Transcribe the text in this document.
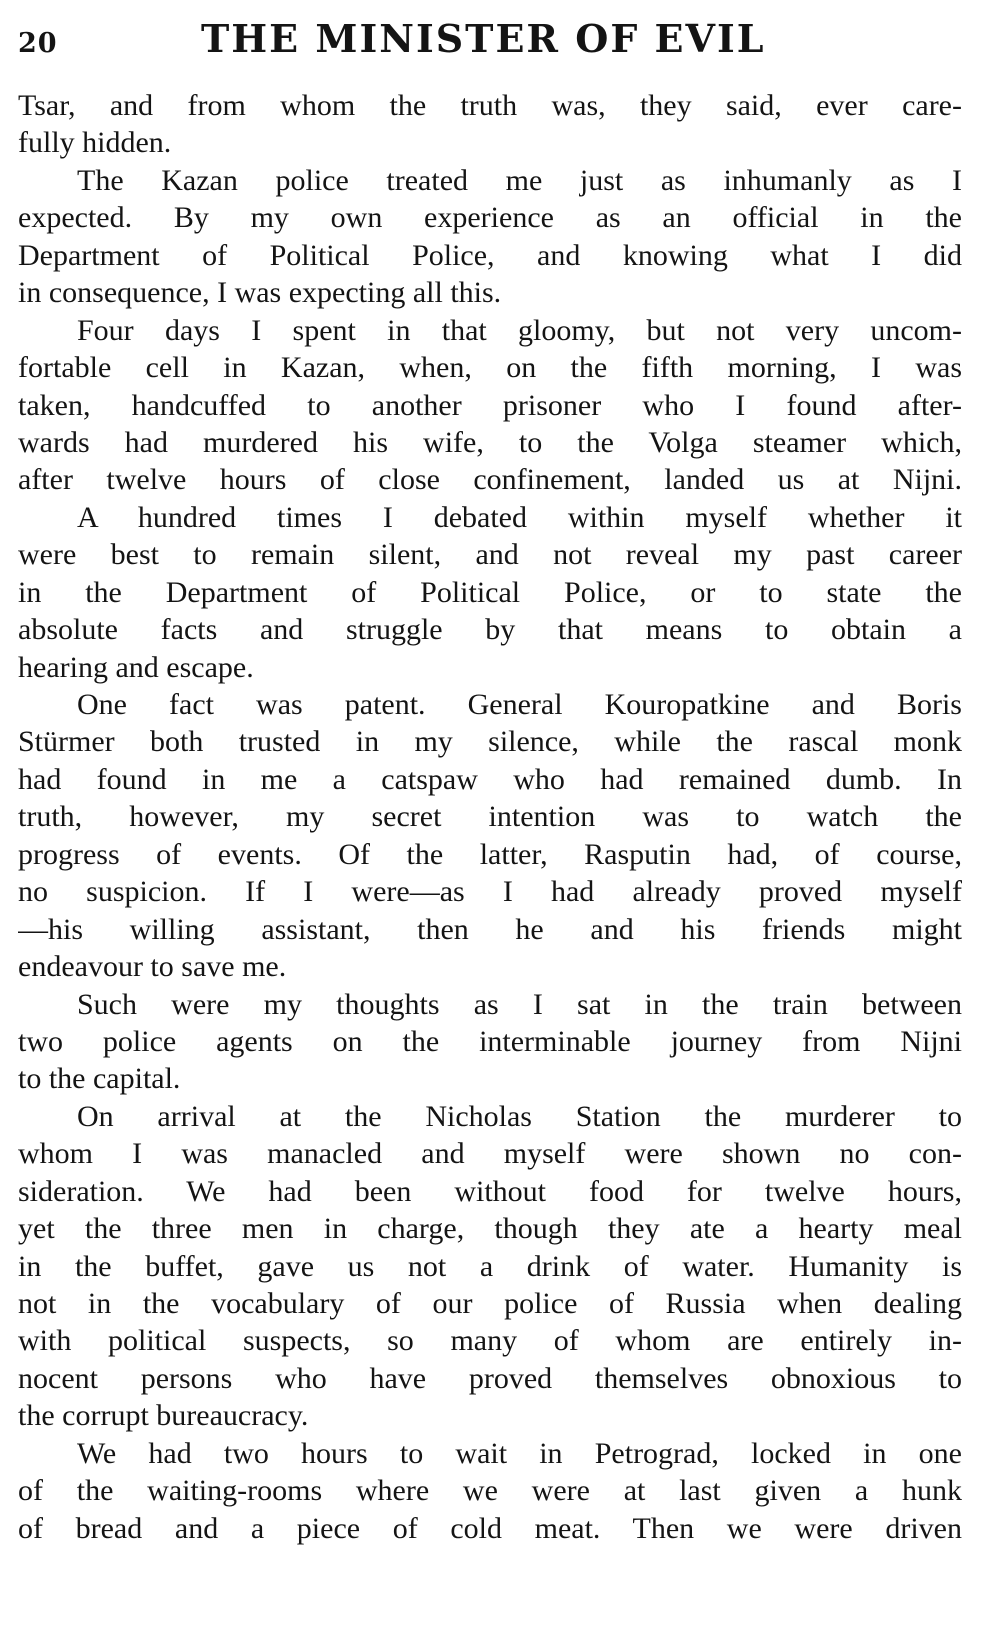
20	THE MINISTER OF EVIL
Tsar, and from whom the truth was, they said, ever care-
fully hidden.
The Kazan police treated me just as inhumanly as I
expected. By my own experience as an official in the
Department of Political Police, and knowing what I did
in consequence, I was expecting all this.
Four days I spent in that gloomy, but not very uncom-
fortable cell in Kazan, when, on the fifth morning, I was
taken, handcuffed to another prisoner who I found after-
wards had murdered his wife, to the Volga steamer which,
after twelve hours of close confinement, landed us at Nijni.
A hundred times I debated within myself whether it
were best to remain silent, and not reveal my past career
in the Department of Political Police, or to state the
absolute facts and struggle by that means to obtain a
hearing and escape.
One fact was patent. General Kouropatkine and Boris
Stürmer both trusted in my silence, while the rascal monk
had found in me a catspaw who had remained dumb. In
truth, however, my secret intention was to watch the
progress of events. Of the latter, Rasputin had, of course,
no suspicion. If I were—as I had already proved myself
—his willing assistant, then he and his friends might
endeavour to save me.
Such were my thoughts as I sat in the train between
two police agents on the interminable journey from Nijni
to the capital.
On arrival at the Nicholas Station the murderer to
whom I was manacled and myself were shown no con-
sideration. We had been without food for twelve hours,
yet the three men in charge, though they ate a hearty meal
in the buffet, gave us not a drink of water. Humanity is
not in the vocabulary of our police of Russia when dealing
with political suspects, so many of whom are entirely in-
nocent persons who have proved themselves obnoxious to
the corrupt bureaucracy.
We had two hours to wait in Petrograd, locked in one
of the waiting-rooms where we were at last given a hunk
of bread and a piece of cold meat. Then we were driven
